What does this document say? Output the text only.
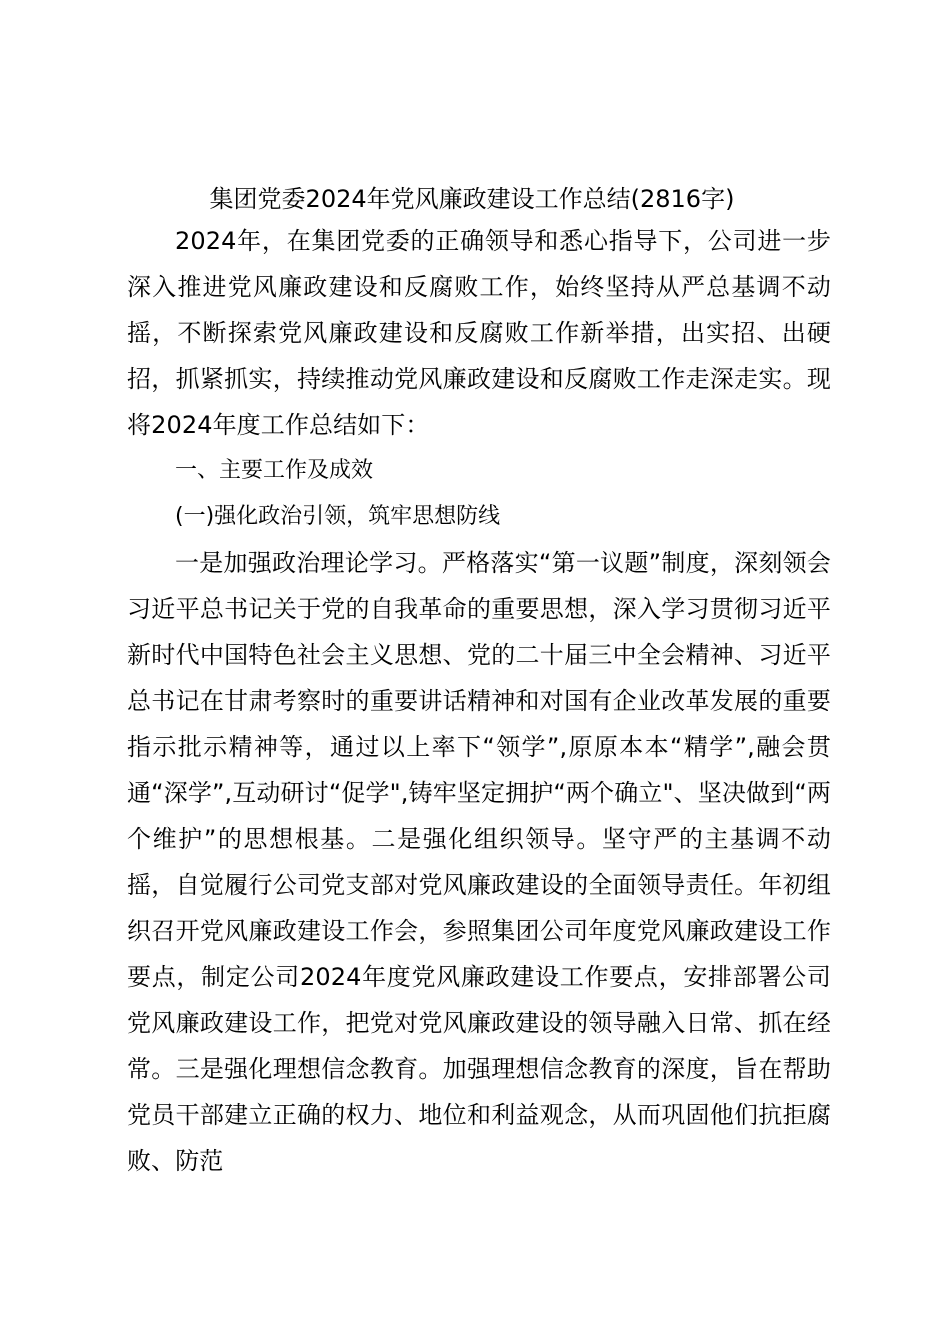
集团党委2024年党风廉政建设工作总结(2816字)

2024年，在集团党委的正确领导和悉心指导下，公司进一步深入推进党风廉政建设和反腐败工作，始终坚持从严总基调不动摇，不断探索党风廉政建设和反腐败工作新举措，出实招、出硬招，抓紧抓实，持续推动党风廉政建设和反腐败工作走深走实。现将2024年度工作总结如下：

一、主要工作及成效

(一)强化政治引领，筑牢思想防线

一是加强政治理论学习。严格落实“第一议题”制度，深刻领会习近平总书记关于党的自我革命的重要思想，深入学习贯彻习近平新时代中国特色社会主义思想、党的二十届三中全会精神、习近平总书记在甘肃考察时的重要讲话精神和对国有企业改革发展的重要指示批示精神等，通过以上率下“领学”,原原本本“精学”,融会贯通“深学”,互动研讨“促学",铸牢坚定拥护“两个确立"、坚决做到“两个维护”的思想根基。二是强化组织领导。坚守严的主基调不动摇，自觉履行公司党支部对党风廉政建设的全面领导责任。年初组织召开党风廉政建设工作会，参照集团公司年度党风廉政建设工作要点，制定公司2024年度党风廉政建设工作要点，安排部署公司党风廉政建设工作，把党对党风廉政建设的领导融入日常、抓在经常。三是强化理想信念教育。加强理想信念教育的深度，旨在帮助党员干部建立正确的权力、地位和利益观念，从而巩固他们抗拒腐败、防范
